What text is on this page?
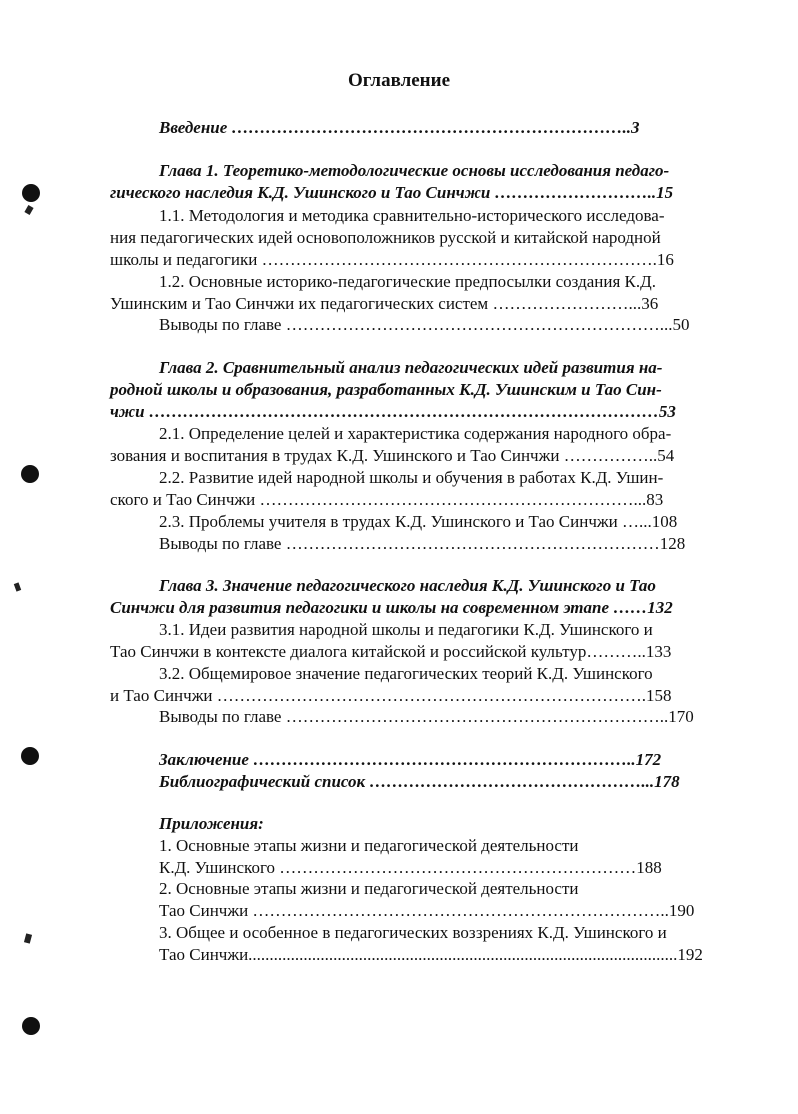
Оглавление
Введение ……………………………………………………………..3
Глава 1. Теоретико-методологические основы исследования педаго-
гического наследия К.Д. Ушинского и Тао Синчжи ………………………..15
1.1. Методология и методика сравнительно-исторического исследова-
ния педагогических идей основоположников русской и китайской народной
школы и педагогики …………………………………………………………….16
1.2. Основные историко-педагогические предпосылки создания К.Д.
Ушинским и Тао Синчжи их педагогических систем ……………………...36
Выводы по главе …………………………………………………………...50
Глава 2. Сравнительный анализ педагогических идей развития на-
родной школы и образования, разработанных К.Д. Ушинским и Тао Син-
чжи ………………………………………………………………………………53
2.1. Определение целей и характеристика содержания народного обра-
зования и воспитания в трудах К.Д. Ушинского и Тао Синчжи ……………..54
2.2. Развитие идей народной школы и обучения в работах К.Д. Ушин-
ского и Тао Синчжи …………………………………………………………...83
2.3. Проблемы учителя в трудах К.Д. Ушинского и Тао Синчжи …...108
Выводы по главе …………………………………………………………128
Глава 3. Значение педагогического наследия К.Д. Ушинского и Тао
Синчжи для развития педагогики и школы на современном этапе ……132
3.1. Идеи развития народной школы и педагогики К.Д. Ушинского и
Тао Синчжи в контексте диалога китайской и российской культур………..133
3.2. Общемировое значение педагогических теорий К.Д. Ушинского
и Тао Синчжи ………………………………………………………………….158
Выводы по главе …………………………………………………………..170
Заключение …………………………………………………………..172
Библиографический список …………………………………………...178
Приложения:
1. Основные этапы жизни и педагогической деятельности
К.Д. Ушинского ………………………………………………………188
2. Основные этапы жизни и педагогической деятельности
Тао Синчжи ………………………………………………………………..190
3. Общее и особенное в педагогических воззрениях К.Д. Ушинского и
Тао Синчжи.....................................................................................................192
